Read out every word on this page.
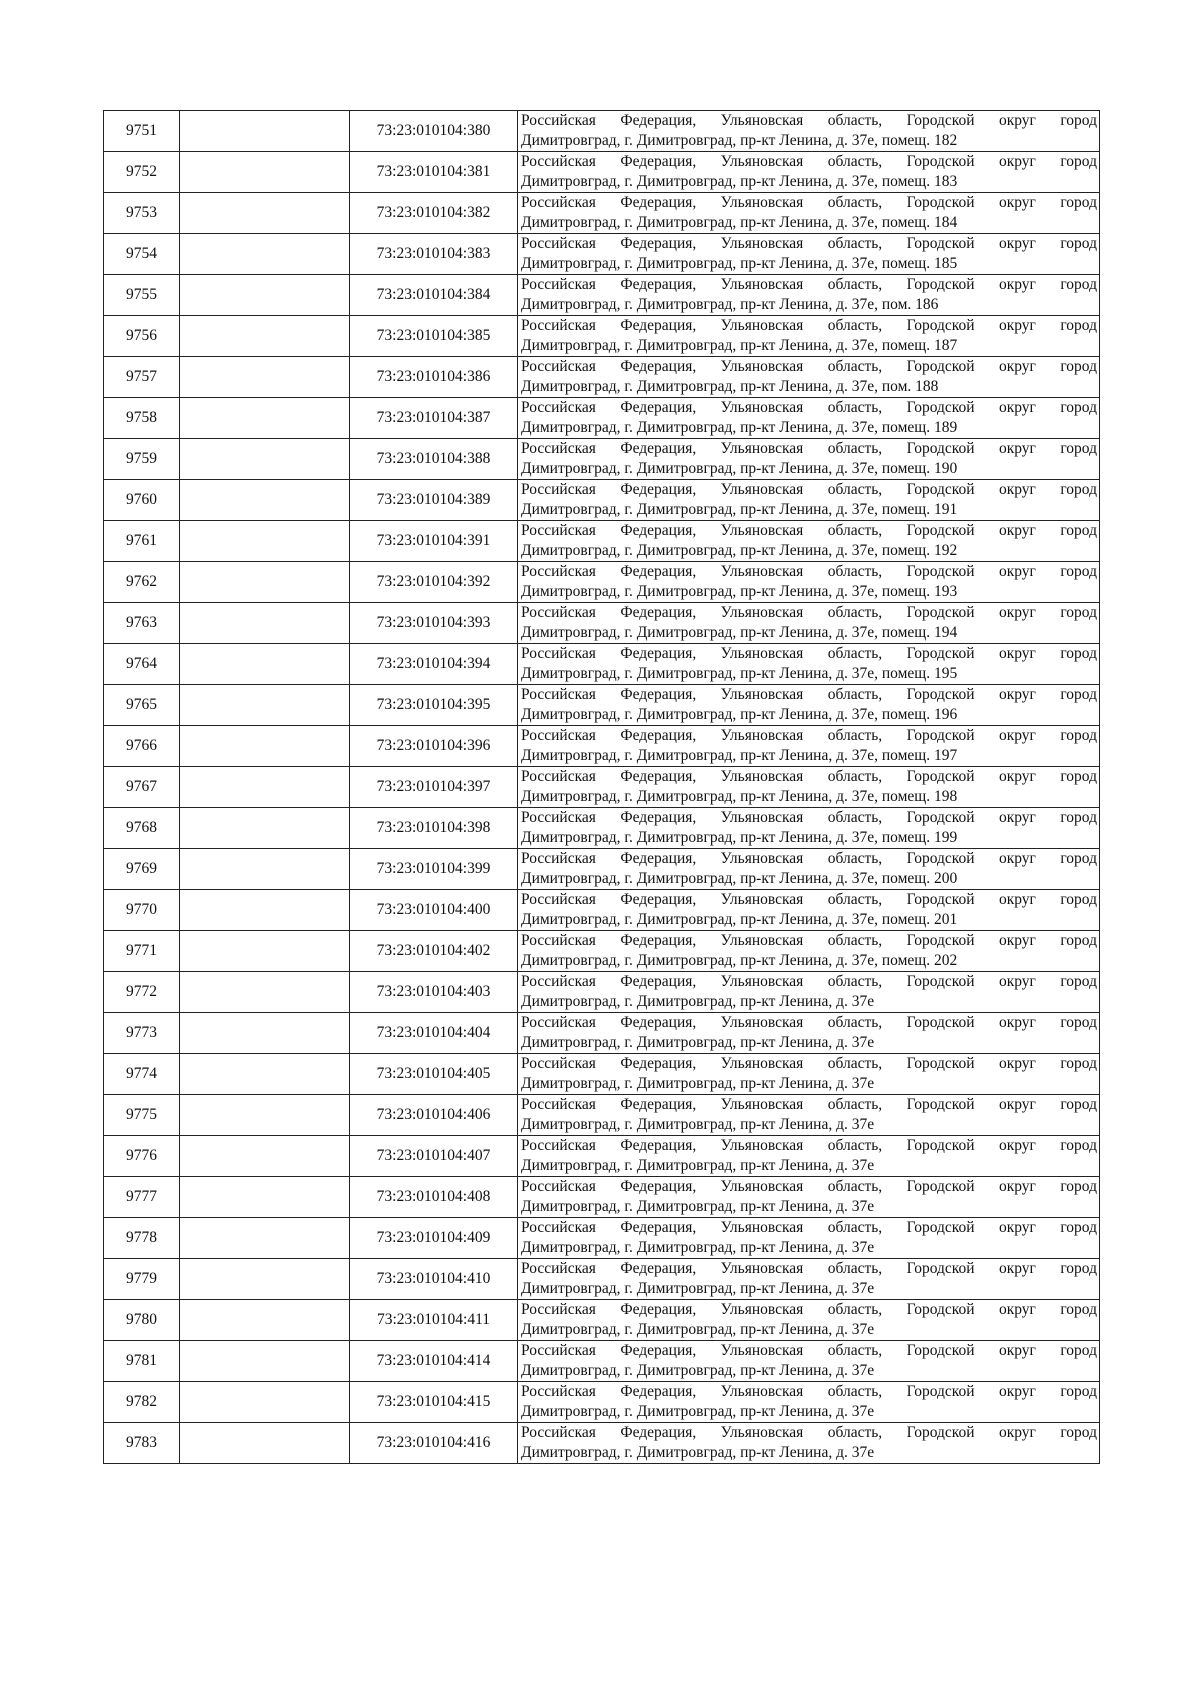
9751		73:23:010104:380	Российская Федерация, Ульяновская область, Городской округ город
Димитровград, г. Димитровград, пр-кт Ленина, д. 37е, помещ. 182

9752		73:23:010104:381	Российская Федерация, Ульяновская область, Городской округ город
Димитровград, г. Димитровград, пр-кт Ленина, д. 37е, помещ. 183

9753		73:23:010104:382	Российская Федерация, Ульяновская область, Городской округ город
Димитровград, г. Димитровград, пр-кт Ленина, д. 37е, помещ. 184

9754		73:23:010104:383	Российская Федерация, Ульяновская область, Городской округ город
Димитровград, г. Димитровград, пр-кт Ленина, д. 37е, помещ. 185

9755		73:23:010104:384	Российская Федерация, Ульяновская область, Городской округ город
Димитровград, г. Димитровград, пр-кт Ленина, д. 37е, пом. 186

9756		73:23:010104:385	Российская Федерация, Ульяновская область, Городской округ город
Димитровград, г. Димитровград, пр-кт Ленина, д. 37е, помещ. 187

9757		73:23:010104:386	Российская Федерация, Ульяновская область, Городской округ город
Димитровград, г. Димитровград, пр-кт Ленина, д. 37е, пом. 188

9758		73:23:010104:387	Российская Федерация, Ульяновская область, Городской округ город
Димитровград, г. Димитровград, пр-кт Ленина, д. 37е, помещ. 189

9759		73:23:010104:388	Российская Федерация, Ульяновская область, Городской округ город
Димитровград, г. Димитровград, пр-кт Ленина, д. 37е, помещ. 190

9760		73:23:010104:389	Российская Федерация, Ульяновская область, Городской округ город
Димитровград, г. Димитровград, пр-кт Ленина, д. 37е, помещ. 191

9761		73:23:010104:391	Российская Федерация, Ульяновская область, Городской округ город
Димитровград, г. Димитровград, пр-кт Ленина, д. 37е, помещ. 192

9762		73:23:010104:392	Российская Федерация, Ульяновская область, Городской округ город
Димитровград, г. Димитровград, пр-кт Ленина, д. 37е, помещ. 193

9763		73:23:010104:393	Российская Федерация, Ульяновская область, Городской округ город
Димитровград, г. Димитровград, пр-кт Ленина, д. 37е, помещ. 194

9764		73:23:010104:394	Российская Федерация, Ульяновская область, Городской округ город
Димитровград, г. Димитровград, пр-кт Ленина, д. 37е, помещ. 195

9765		73:23:010104:395	Российская Федерация, Ульяновская область, Городской округ город
Димитровград, г. Димитровград, пр-кт Ленина, д. 37е, помещ. 196

9766		73:23:010104:396	Российская Федерация, Ульяновская область, Городской округ город
Димитровград, г. Димитровград, пр-кт Ленина, д. 37е, помещ. 197

9767		73:23:010104:397	Российская Федерация, Ульяновская область, Городской округ город
Димитровград, г. Димитровград, пр-кт Ленина, д. 37е, помещ. 198

9768		73:23:010104:398	Российская Федерация, Ульяновская область, Городской округ город
Димитровград, г. Димитровград, пр-кт Ленина, д. 37е, помещ. 199

9769		73:23:010104:399	Российская Федерация, Ульяновская область, Городской округ город
Димитровград, г. Димитровград, пр-кт Ленина, д. 37е, помещ. 200

9770		73:23:010104:400	Российская Федерация, Ульяновская область, Городской округ город
Димитровград, г. Димитровград, пр-кт Ленина, д. 37е, помещ. 201

9771		73:23:010104:402	Российская Федерация, Ульяновская область, Городской округ город
Димитровград, г. Димитровград, пр-кт Ленина, д. 37е, помещ. 202

9772		73:23:010104:403	Российская Федерация, Ульяновская область, Городской округ город
Димитровград, г. Димитровград, пр-кт Ленина, д. 37е

9773		73:23:010104:404	Российская Федерация, Ульяновская область, Городской округ город
Димитровград, г. Димитровград, пр-кт Ленина, д. 37е

9774		73:23:010104:405	Российская Федерация, Ульяновская область, Городской округ город
Димитровград, г. Димитровград, пр-кт Ленина, д. 37е

9775		73:23:010104:406	Российская Федерация, Ульяновская область, Городской округ город
Димитровград, г. Димитровград, пр-кт Ленина, д. 37е

9776		73:23:010104:407	Российская Федерация, Ульяновская область, Городской округ город
Димитровград, г. Димитровград, пр-кт Ленина, д. 37е

9777		73:23:010104:408	Российская Федерация, Ульяновская область, Городской округ город
Димитровград, г. Димитровград, пр-кт Ленина, д. 37е

9778		73:23:010104:409	Российская Федерация, Ульяновская область, Городской округ город
Димитровград, г. Димитровград, пр-кт Ленина, д. 37е

9779		73:23:010104:410	Российская Федерация, Ульяновская область, Городской округ город
Димитровград, г. Димитровград, пр-кт Ленина, д. 37е

9780		73:23:010104:411	Российская Федерация, Ульяновская область, Городской округ город
Димитровград, г. Димитровград, пр-кт Ленина, д. 37е

9781		73:23:010104:414	Российская Федерация, Ульяновская область, Городской округ город
Димитровград, г. Димитровград, пр-кт Ленина, д. 37е

9782		73:23:010104:415	Российская Федерация, Ульяновская область, Городской округ город
Димитровград, г. Димитровград, пр-кт Ленина, д. 37е

9783		73:23:010104:416	Российская Федерация, Ульяновская область, Городской округ город
Димитровград, г. Димитровград, пр-кт Ленина, д. 37е
